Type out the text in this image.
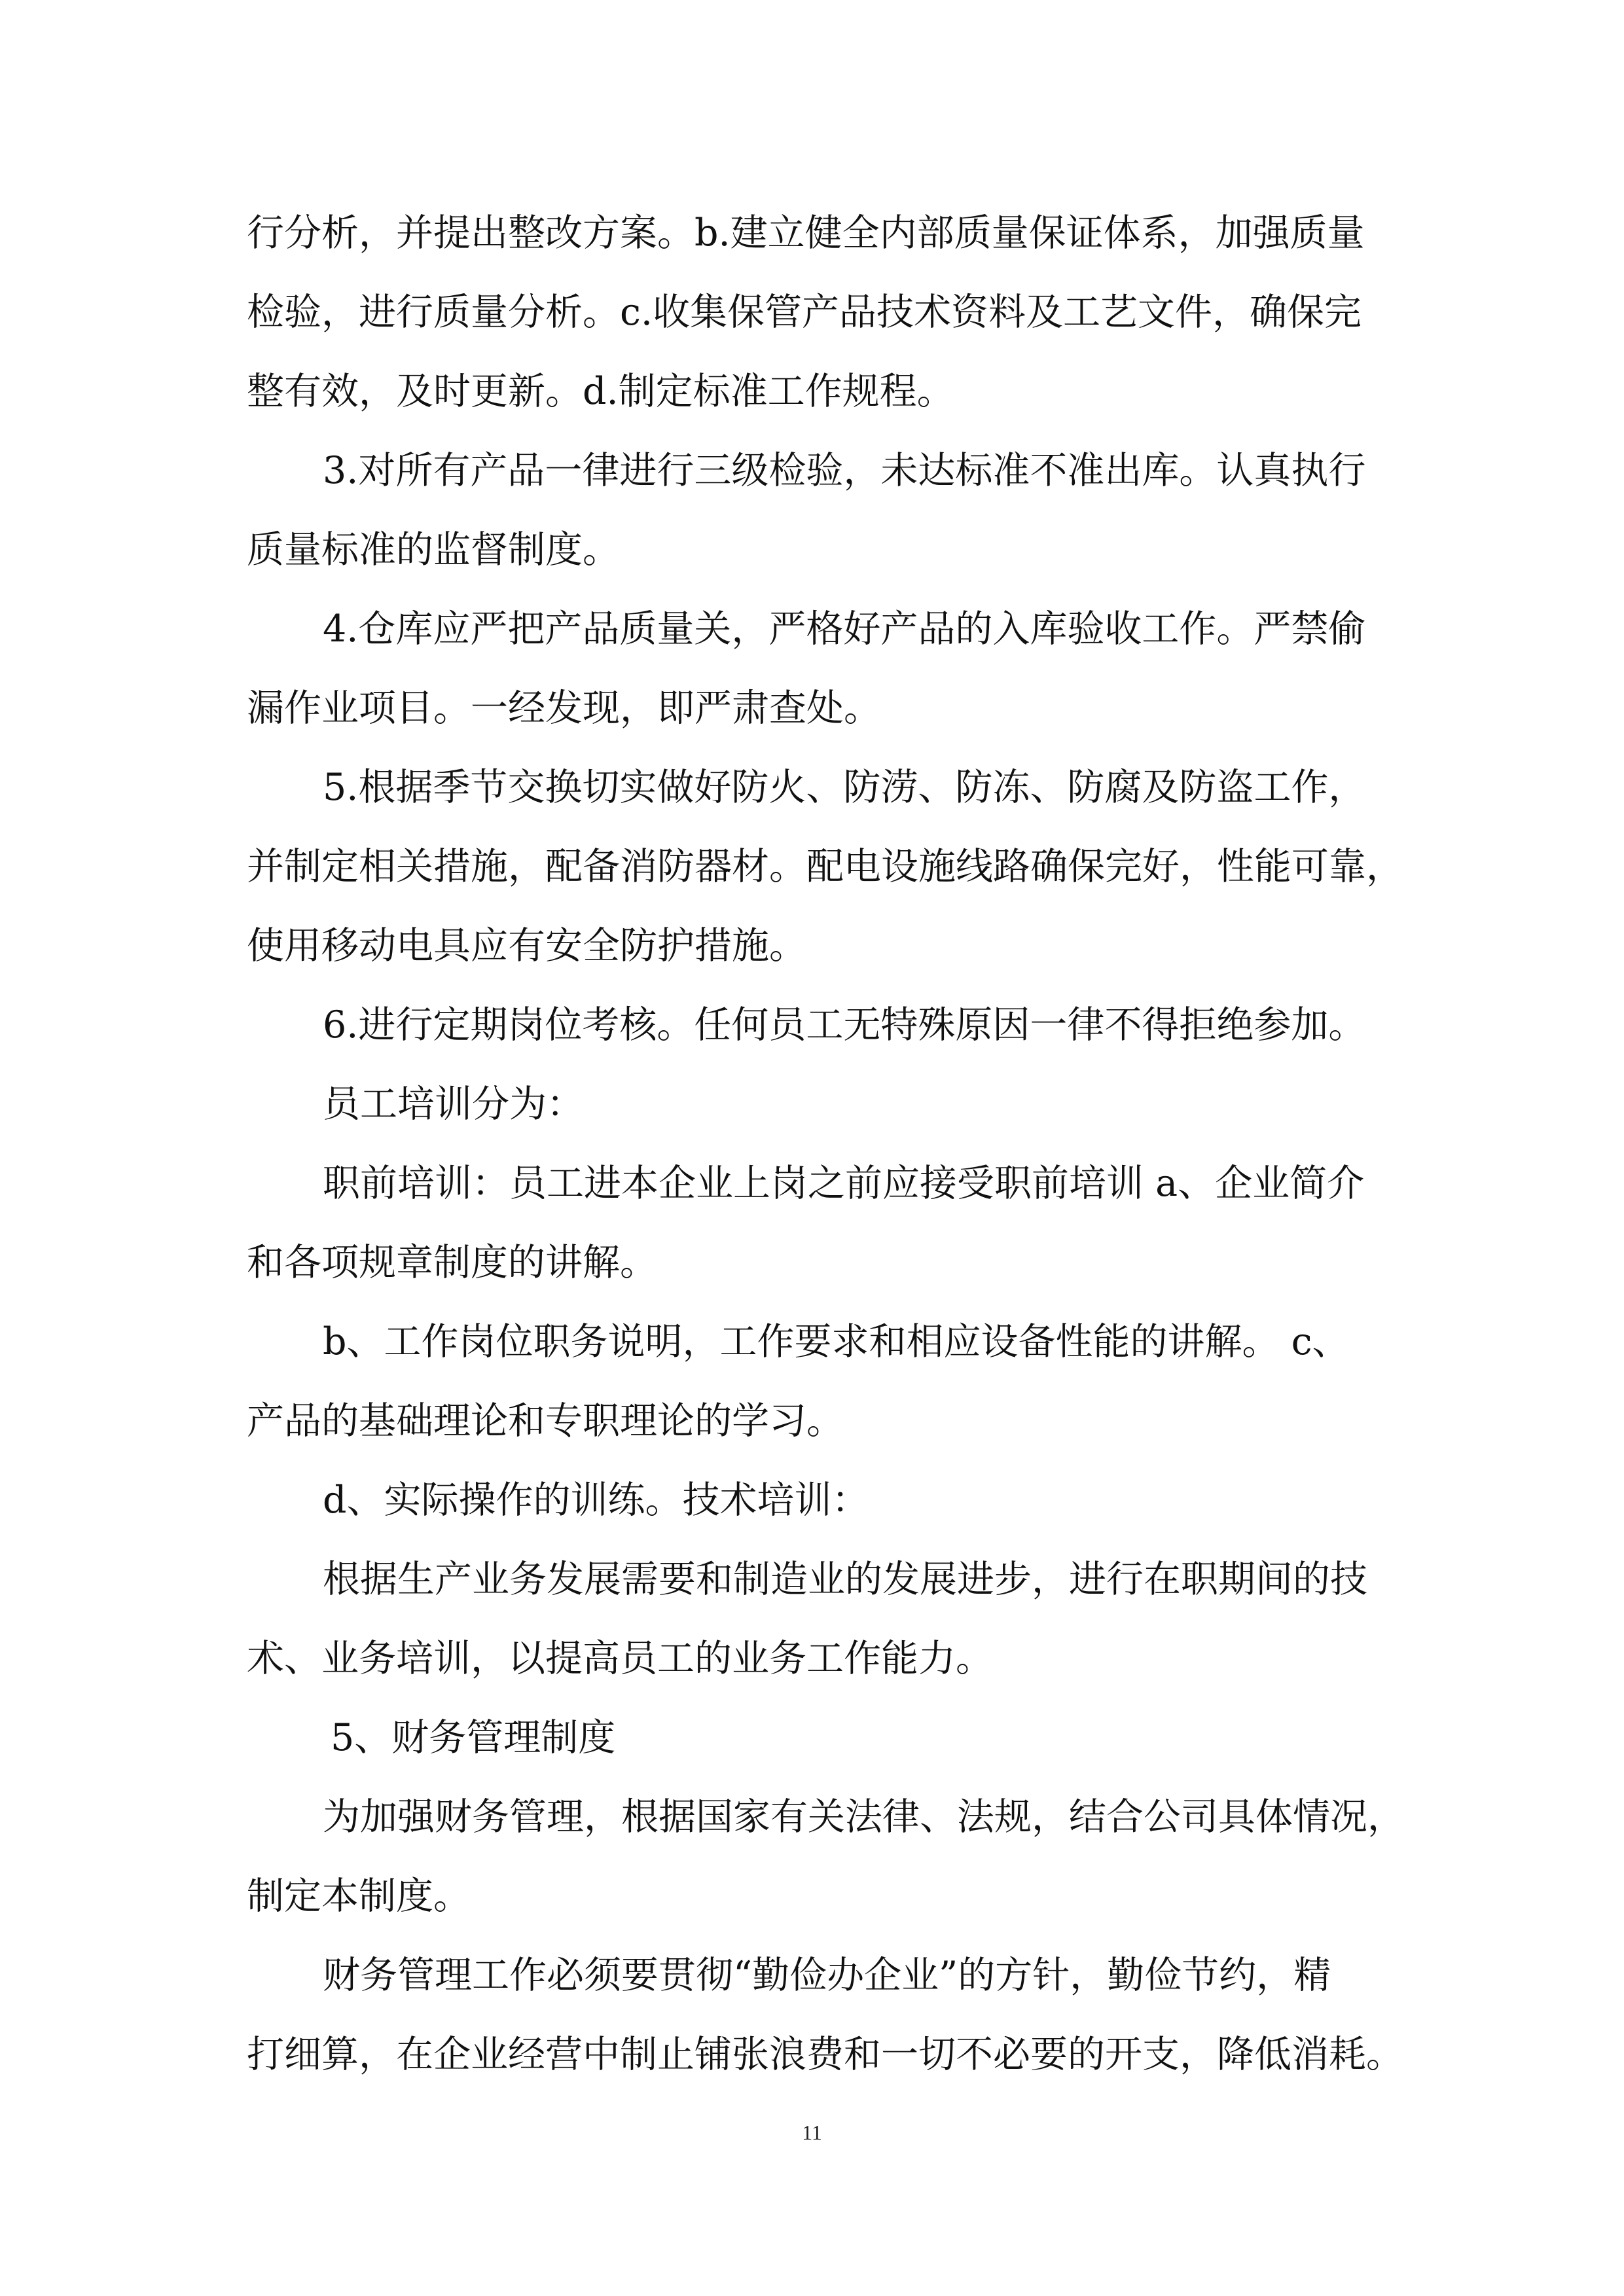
行分析，并提出整改方案。b.建立健全内部质量保证体系，加强质量
检验，进行质量分析。c.收集保管产品技术资料及工艺文件，确保完
整有效，及时更新。d.制定标准工作规程。
3.对所有产品一律进行三级检验，未达标准不准出库。认真执行
质量标准的监督制度。
4.仓库应严把产品质量关，严格好产品的入库验收工作。严禁偷
漏作业项目。一经发现，即严肃查处。
5.根据季节交换切实做好防火、防涝、防冻、防腐及防盗工作，
并制定相关措施，配备消防器材。配电设施线路确保完好，性能可靠，
使用移动电具应有安全防护措施。
6.进行定期岗位考核。任何员工无特殊原因一律不得拒绝参加。
员工培训分为：
职前培训：员工进本企业上岗之前应接受职前培训 a、企业简介
和各项规章制度的讲解。
b、工作岗位职务说明，工作要求和相应设备性能的讲解。 c、
产品的基础理论和专职理论的学习。
d、实际操作的训练。技术培训：
根据生产业务发展需要和制造业的发展进步，进行在职期间的技
术、业务培训，以提高员工的业务工作能力。
5、财务管理制度
为加强财务管理，根据国家有关法律、法规，结合公司具体情况，
制定本制度。
财务管理工作必须要贯彻“勤俭办企业”的方针，勤俭节约，精
打细算，在企业经营中制止铺张浪费和一切不必要的开支，降低消耗。
11
